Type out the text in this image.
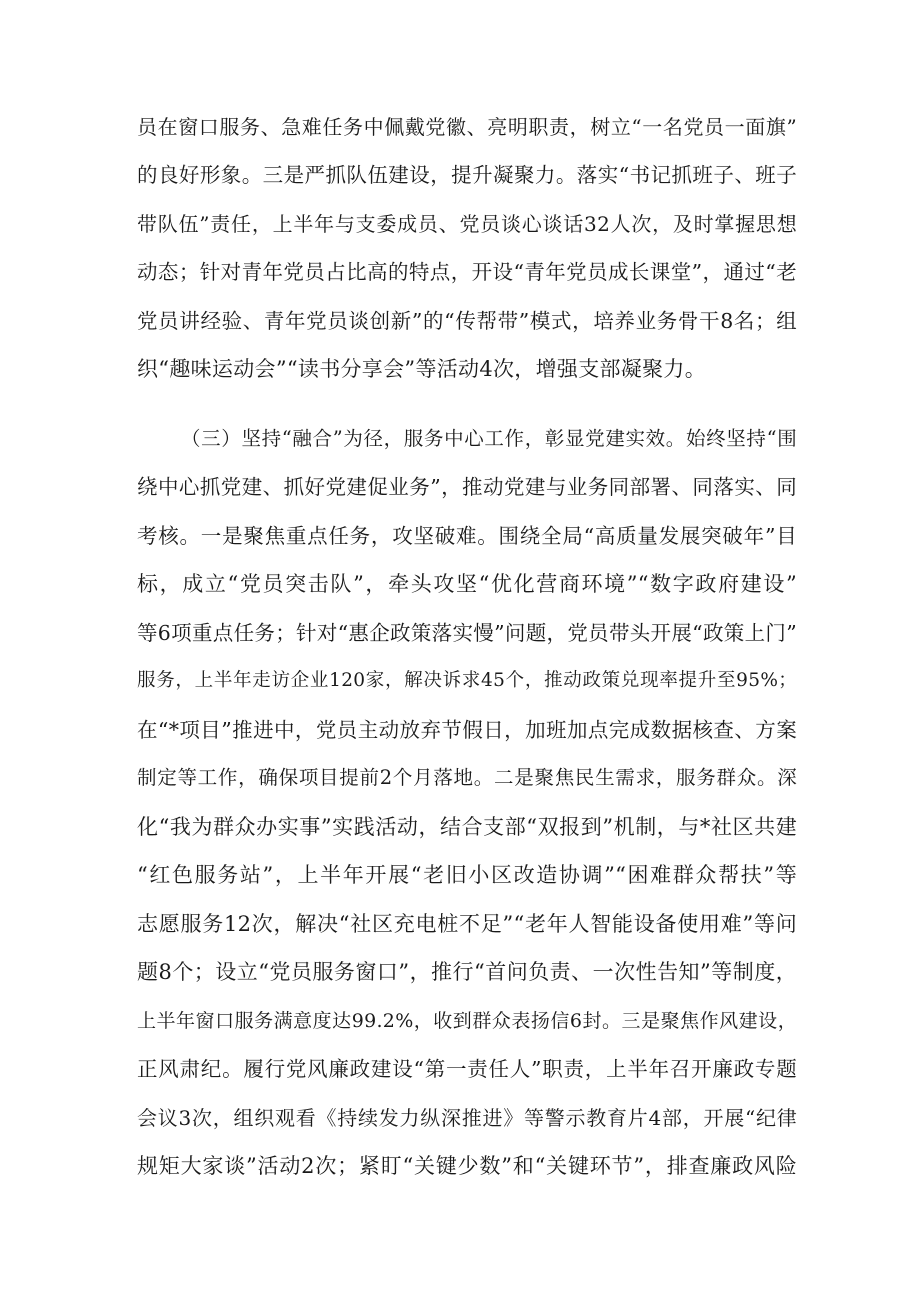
员在窗口服务、急难任务中佩戴党徽、亮明职责，树立“一名党员一面旗”
的良好形象。三是严抓队伍建设，提升凝聚力。落实“书记抓班子、班子
带队伍”责任，上半年与支委成员、党员谈心谈话32人次，及时掌握思想
动态；针对青年党员占比高的特点，开设“青年党员成长课堂”，通过“老
党员讲经验、青年党员谈创新”的“传帮带”模式，培养业务骨干8名；组
织“趣味运动会”“读书分享会”等活动4次，增强支部凝聚力。
（三）坚持“融合”为径，服务中心工作，彰显党建实效。始终坚持“围
绕中心抓党建、抓好党建促业务”，推动党建与业务同部署、同落实、同
考核。一是聚焦重点任务，攻坚破难。围绕全局“高质量发展突破年”目
标，成立“党员突击队”，牵头攻坚“优化营商环境”“数字政府建设”
等6项重点任务；针对“惠企政策落实慢”问题，党员带头开展“政策上门”
服务，上半年走访企业120家，解决诉求45个，推动政策兑现率提升至95%；
在“*项目”推进中，党员主动放弃节假日，加班加点完成数据核查、方案
制定等工作，确保项目提前2个月落地。二是聚焦民生需求，服务群众。深
化“我为群众办实事”实践活动，结合支部“双报到”机制，与*社区共建
“红色服务站”，上半年开展“老旧小区改造协调”“困难群众帮扶”等
志愿服务12次，解决“社区充电桩不足”“老年人智能设备使用难”等问
题8个；设立“党员服务窗口”，推行“首问负责、一次性告知”等制度，
上半年窗口服务满意度达99.2%，收到群众表扬信6封。三是聚焦作风建设，
正风肃纪。履行党风廉政建设“第一责任人”职责，上半年召开廉政专题
会议3次，组织观看《持续发力纵深推进》等警示教育片4部，开展“纪律
规矩大家谈”活动2次；紧盯“关键少数”和“关键环节”，排查廉政风险
